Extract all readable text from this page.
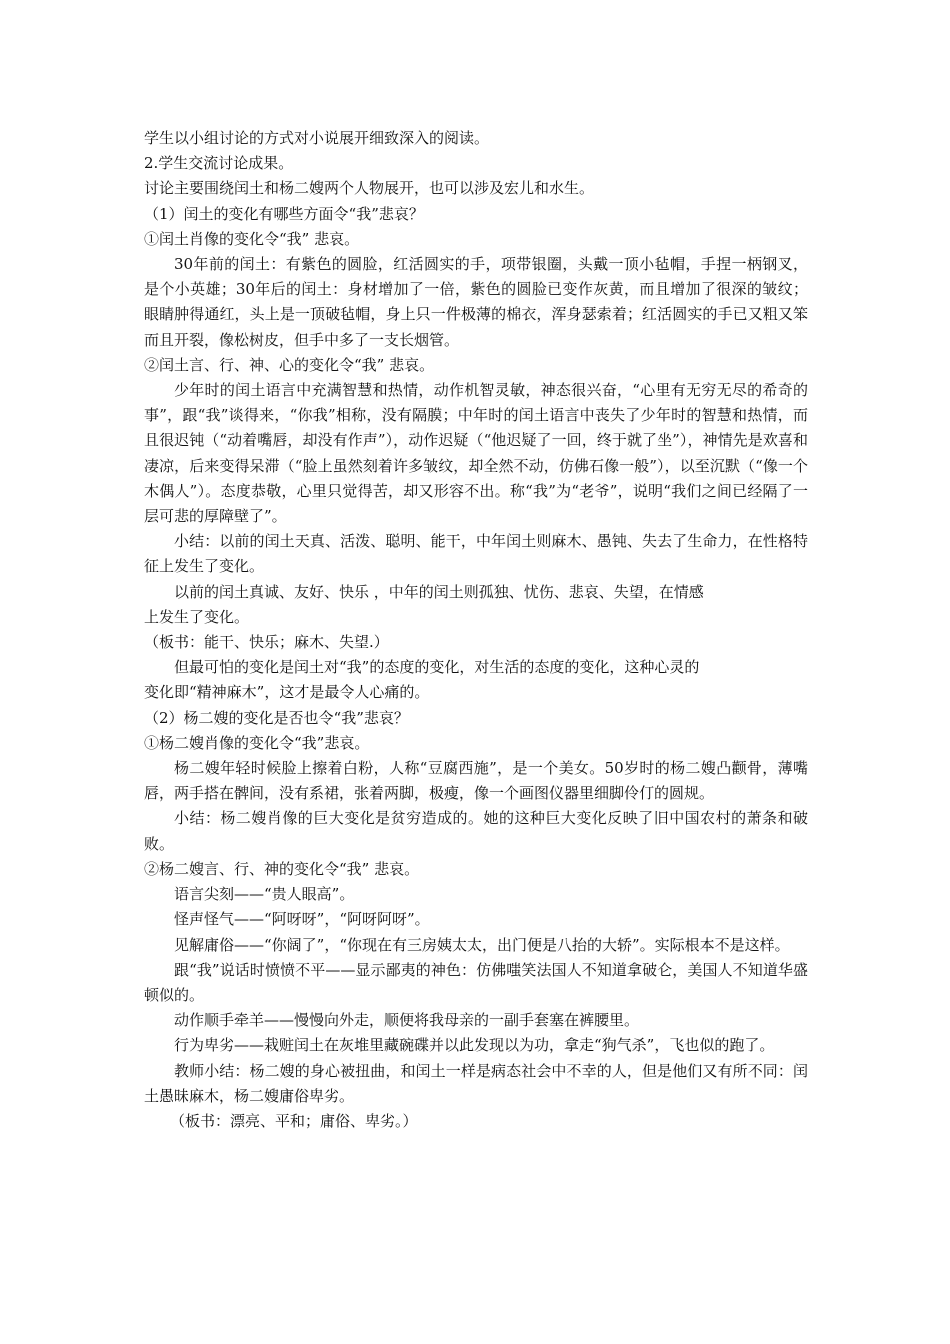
学生以小组讨论的方式对小说展开细致深入的阅读。

2.学生交流讨论成果。

讨论主要围绕闰土和杨二嫂两个人物展开，也可以涉及宏儿和水生。

（1）闰土的变化有哪些方面令“我”悲哀？

①闰土肖像的变化令“我” 悲哀。

30年前的闰土：有紫色的圆脸，红活圆实的手，项带银圈，头戴一顶小毡帽，手捏一柄钢叉，是个小英雄；30年后的闰土：身材增加了一倍，紫色的圆脸已变作灰黄，而且增加了很深的皱纹；眼睛肿得通红，头上是一顶破毡帽，身上只一件极薄的棉衣，浑身瑟索着；红活圆实的手已又粗又笨而且开裂，像松树皮，但手中多了一支长烟管。

②闰土言、行、神、心的变化令“我” 悲哀。

少年时的闰土语言中充满智慧和热情，动作机智灵敏，神态很兴奋，“心里有无穷无尽的希奇的事”，跟“我”谈得来，“你我”相称，没有隔膜；中年时的闰土语言中丧失了少年时的智慧和热情，而且很迟钝（“动着嘴唇，却没有作声”），动作迟疑（“他迟疑了一回，终于就了坐”），神情先是欢喜和凄凉，后来变得呆滞（“脸上虽然刻着许多皱纹，却全然不动，仿佛石像一般”），以至沉默（“像一个木偶人”）。态度恭敬，心里只觉得苦，却又形容不出。称“我”为“老爷”，说明“我们之间已经隔了一层可悲的厚障壁了”。

小结：以前的闰土天真、活泼、聪明、能干，中年闰土则麻木、愚钝、失去了生命力，在性格特征上发生了变化。

以前的闰土真诚、友好、快乐 ，中年的闰土则孤独、忧伤、悲哀、失望，在情感

上发生了变化。

（板书：能干、快乐；麻木、失望.）

但最可怕的变化是闰土对“我”的态度的变化，对生活的态度的变化，这种心灵的

变化即“精神麻木”，这才是最令人心痛的。

（2）杨二嫂的变化是否也令“我”悲哀？

①杨二嫂肖像的变化令“我”悲哀。

杨二嫂年轻时候脸上擦着白粉，人称“豆腐西施”，是一个美女。50岁时的杨二嫂凸颧骨，薄嘴唇，两手搭在髀间，没有系裙，张着两脚，极瘦，像一个画图仪器里细脚伶仃的圆规。

小结：杨二嫂肖像的巨大变化是贫穷造成的。她的这种巨大变化反映了旧中国农村的萧条和破败。

②杨二嫂言、行、神的变化令“我” 悲哀。

语言尖刻——“贵人眼高”。

怪声怪气——“阿呀呀”，“阿呀阿呀”。

见解庸俗——“你阔了”，“你现在有三房姨太太，出门便是八抬的大轿”。实际根本不是这样。

跟“我”说话时愤愤不平——显示鄙夷的神色：仿佛嗤笑法国人不知道拿破仑，美国人不知道华盛顿似的。

动作顺手牵羊——慢慢向外走，顺便将我母亲的一副手套塞在裤腰里。

行为卑劣——栽赃闰土在灰堆里藏碗碟并以此发现以为功，拿走“狗气杀”，飞也似的跑了。

教师小结：杨二嫂的身心被扭曲，和闰土一样是病态社会中不幸的人，但是他们又有所不同：闰土愚昧麻木，杨二嫂庸俗卑劣。

（板书：漂亮、平和；庸俗、卑劣。）
